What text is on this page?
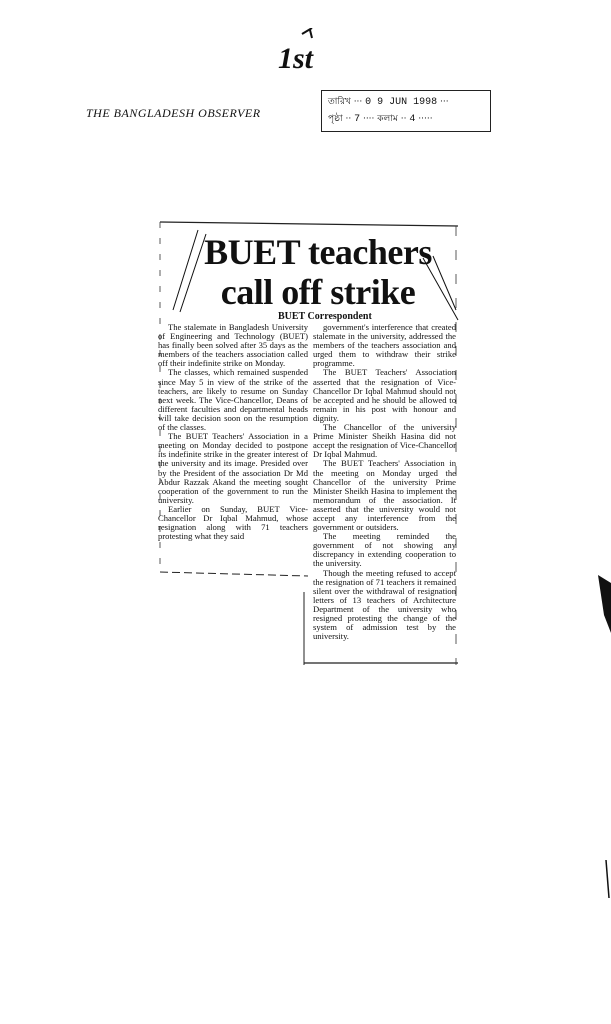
1st
THE BANGLADESH OBSERVER
তারিখ ··· 0 9 JUN 1998 ···
পৃষ্ঠা ·· 7 ···· কলাম ·· 4 ·····
BUET teachers
call off strike
BUET Correspondent

The stalemate in Bangladesh University of Engineering and Technology (BUET) has finally been solved after 35 days as the members of the teachers association called off their indefinite strike on Monday.

The classes, which remained suspended since May 5 in view of the strike of the teachers, are likely to resume on Sunday next week. The Vice-Chancellor, Deans of different faculties and departmental heads will take decision soon on the resumption of the classes.

The BUET Teachers' Association in a meeting on Monday decided to postpone its indefinite strike in the greater interest of the university and its image. Presided over by the President of the association Dr Md Abdur Razzak Akand the meeting sought cooperation of the government to run the university.

Earlier on Sunday, BUET Vice-Chancellor Dr Iqbal Mahmud, whose resignation along with 71 teachers protesting what they said

government's interference that created stalemate in the university, addressed the members of the teachers association and urged them to withdraw their strike programme.

The BUET Teachers' Association asserted that the resignation of Vice-Chancellor Dr Iqbal Mahmud should not be accepted and he should be allowed to remain in his post with honour and dignity.

The Chancellor of the university Prime Minister Sheikh Hasina did not accept the resignation of Vice-Chancellor Dr Iqbal Mahmud.

The BUET Teachers' Association in the meeting on Monday urged the Chancellor of the university Prime Minister Sheikh Hasina to implement the memorandum of the association. It asserted that the university would not accept any interference from the government or outsiders.

The meeting reminded the government of not showing any discrepancy in extending cooperation to the university.

Though the meeting refused to accept the resignation of 71 teachers it remained silent over the withdrawal of resignation letters of 13 teachers of Architecture Department of the university who resigned protesting the change of the system of admission test by the university.
